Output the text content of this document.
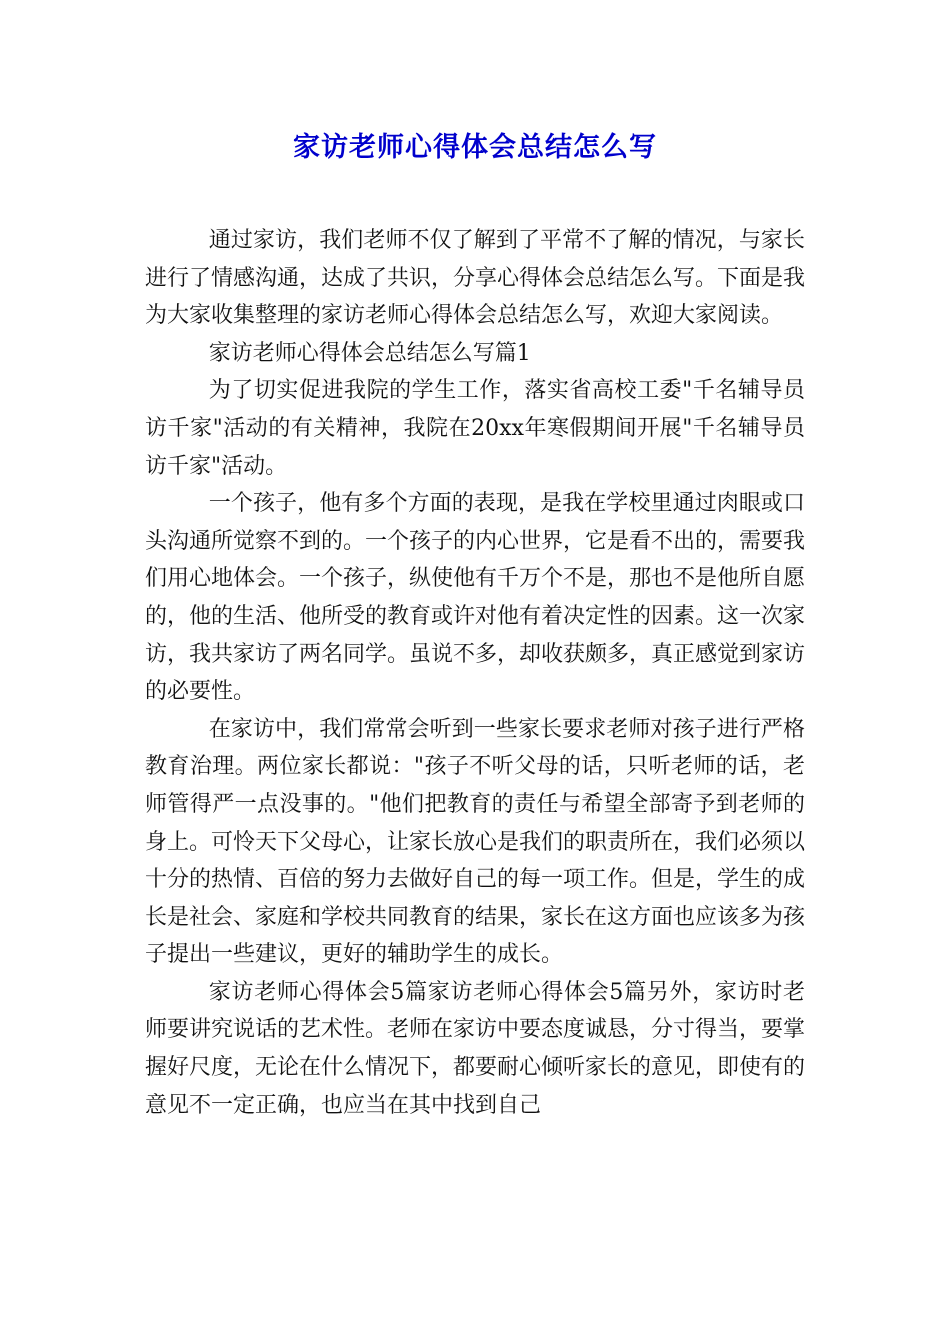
家访老师心得体会总结怎么写

通过家访，我们老师不仅了解到了平常不了解的情况，与家长进行了情感沟通，达成了共识，分享心得体会总结怎么写。下面是我为大家收集整理的家访老师心得体会总结怎么写，欢迎大家阅读。

家访老师心得体会总结怎么写篇1

为了切实促进我院的学生工作，落实省高校工委"千名辅导员访千家"活动的有关精神，我院在20xx年寒假期间开展"千名辅导员访千家"活动。

一个孩子，他有多个方面的表现，是我在学校里通过肉眼或口头沟通所觉察不到的。一个孩子的内心世界，它是看不出的，需要我们用心地体会。一个孩子，纵使他有千万个不是，那也不是他所自愿的，他的生活、他所受的教育或许对他有着决定性的因素。这一次家访，我共家访了两名同学。虽说不多，却收获颇多，真正感觉到家访的必要性。

在家访中，我们常常会听到一些家长要求老师对孩子进行严格教育治理。两位家长都说："孩子不听父母的话，只听老师的话，老师管得严一点没事的。"他们把教育的责任与希望全部寄予到老师的身上。可怜天下父母心，让家长放心是我们的职责所在，我们必须以十分的热情、百倍的努力去做好自己的每一项工作。但是，学生的成长是社会、家庭和学校共同教育的结果，家长在这方面也应该多为孩子提出一些建议，更好的辅助学生的成长。

家访老师心得体会5篇家访老师心得体会5篇另外，家访时老师要讲究说话的艺术性。老师在家访中要态度诚恳，分寸得当，要掌握好尺度，无论在什么情况下，都要耐心倾听家长的意见，即使有的意见不一定正确，也应当在其中找到自己
